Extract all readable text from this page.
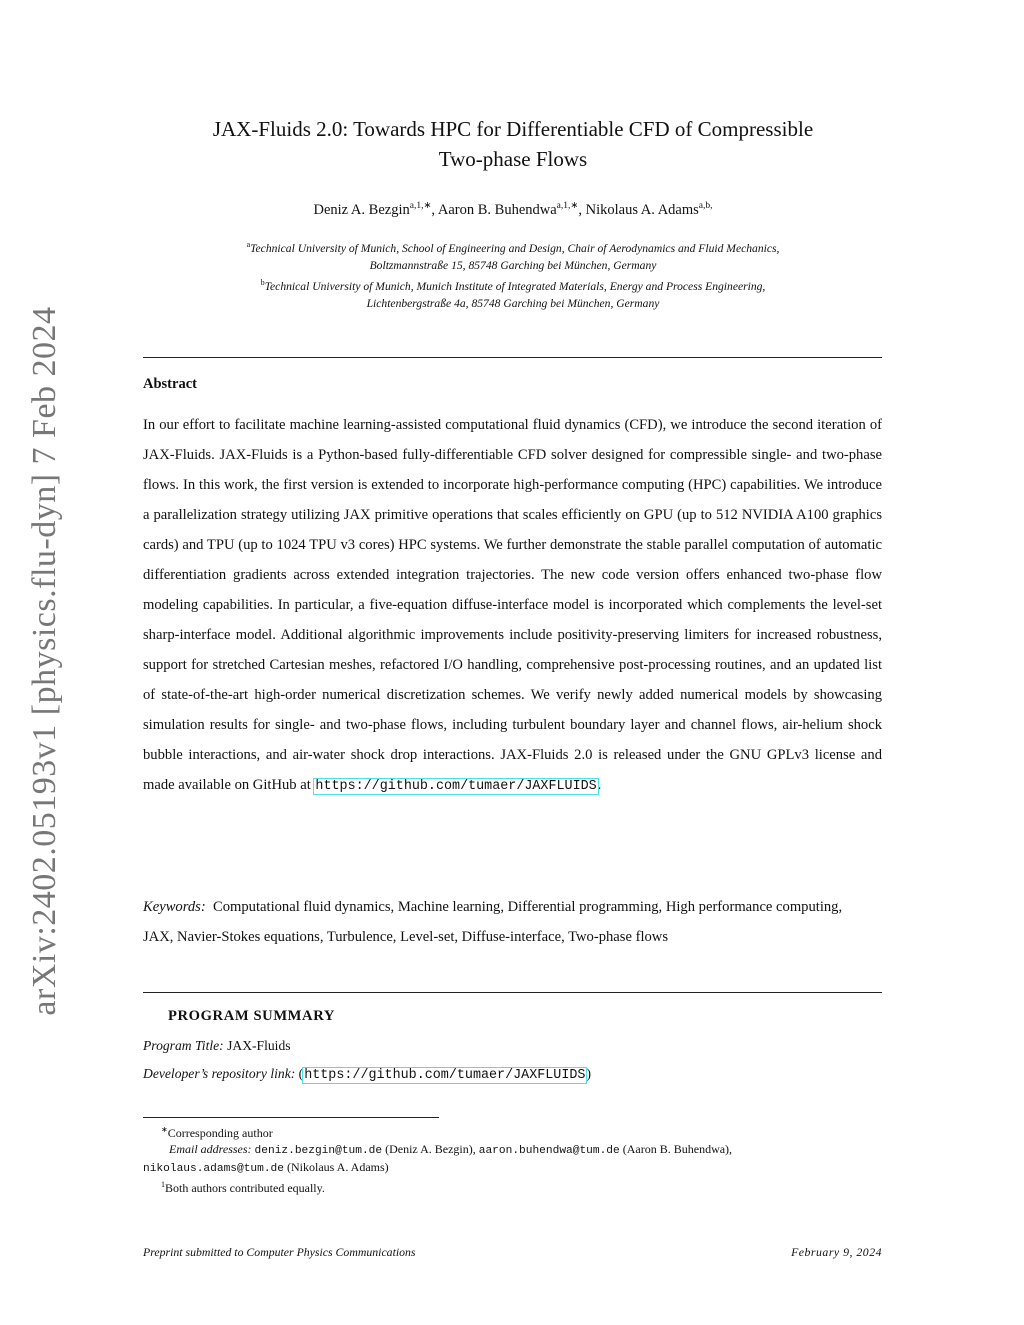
arXiv:2402.05193v1 [physics.flu-dyn] 7 Feb 2024
JAX-Fluids 2.0: Towards HPC for Differentiable CFD of Compressible
Two-phase Flows
Deniz A. Bezgin$^{a,1,∗}$, Aaron B. Buhendwa$^{a,1,∗}$, Nikolaus A. Adams$^{a,b,}$
$^a$Technical University of Munich, School of Engineering and Design, Chair of Aerodynamics and Fluid Mechanics,
Boltzmannstraße 15, 85748 Garching bei München, Germany
$^b$Technical University of Munich, Munich Institute of Integrated Materials, Energy and Process Engineering,
Lichtenbergstraße 4a, 85748 Garching bei München, Germany
Abstract
In our effort to facilitate machine learning-assisted computational fluid dynamics (CFD), we introduce the second iteration of JAX-Fluids. JAX-Fluids is a Python-based fully-differentiable CFD solver designed for compressible single- and two-phase flows. In this work, the first version is extended to incorporate high-performance computing (HPC) capabilities. We introduce a parallelization strategy utilizing JAX primitive operations that scales efficiently on GPU (up to 512 NVIDIA A100 graphics cards) and TPU (up to 1024 TPU v3 cores) HPC systems. We further demonstrate the stable parallel computation of automatic differentiation gradients across extended integration trajectories. The new code version offers enhanced two-phase flow modeling capabilities. In particular, a five-equation diffuse-interface model is incorporated which complements the level-set sharp-interface model. Additional algorithmic improvements include positivity-preserving limiters for increased robustness, support for stretched Cartesian meshes, refactored I/O handling, comprehensive post-processing routines, and an updated list of state-of-the-art high-order numerical discretization schemes. We verify newly added numerical models by showcasing simulation results for single- and two-phase flows, including turbulent boundary layer and channel flows, air-helium shock bubble interactions, and air-water shock drop interactions. JAX-Fluids 2.0 is released under the GNU GPLv3 license and made available on GitHub at https://github.com/tumaer/JAXFLUIDS.
Keywords: Computational fluid dynamics, Machine learning, Differential programming, High performance computing, JAX, Navier-Stokes equations, Turbulence, Level-set, Diffuse-interface, Two-phase flows
PROGRAM SUMMARY
Program Title: JAX-Fluids
Developer’s repository link: (https://github.com/tumaer/JAXFLUIDS)
∗Corresponding author
Email addresses: deniz.bezgin@tum.de (Deniz A. Bezgin), aaron.buhendwa@tum.de (Aaron B. Buhendwa),
nikolaus.adams@tum.de (Nikolaus A. Adams)
$^1$Both authors contributed equally.
Preprint submitted to Computer Physics Communications	February 9, 2024
